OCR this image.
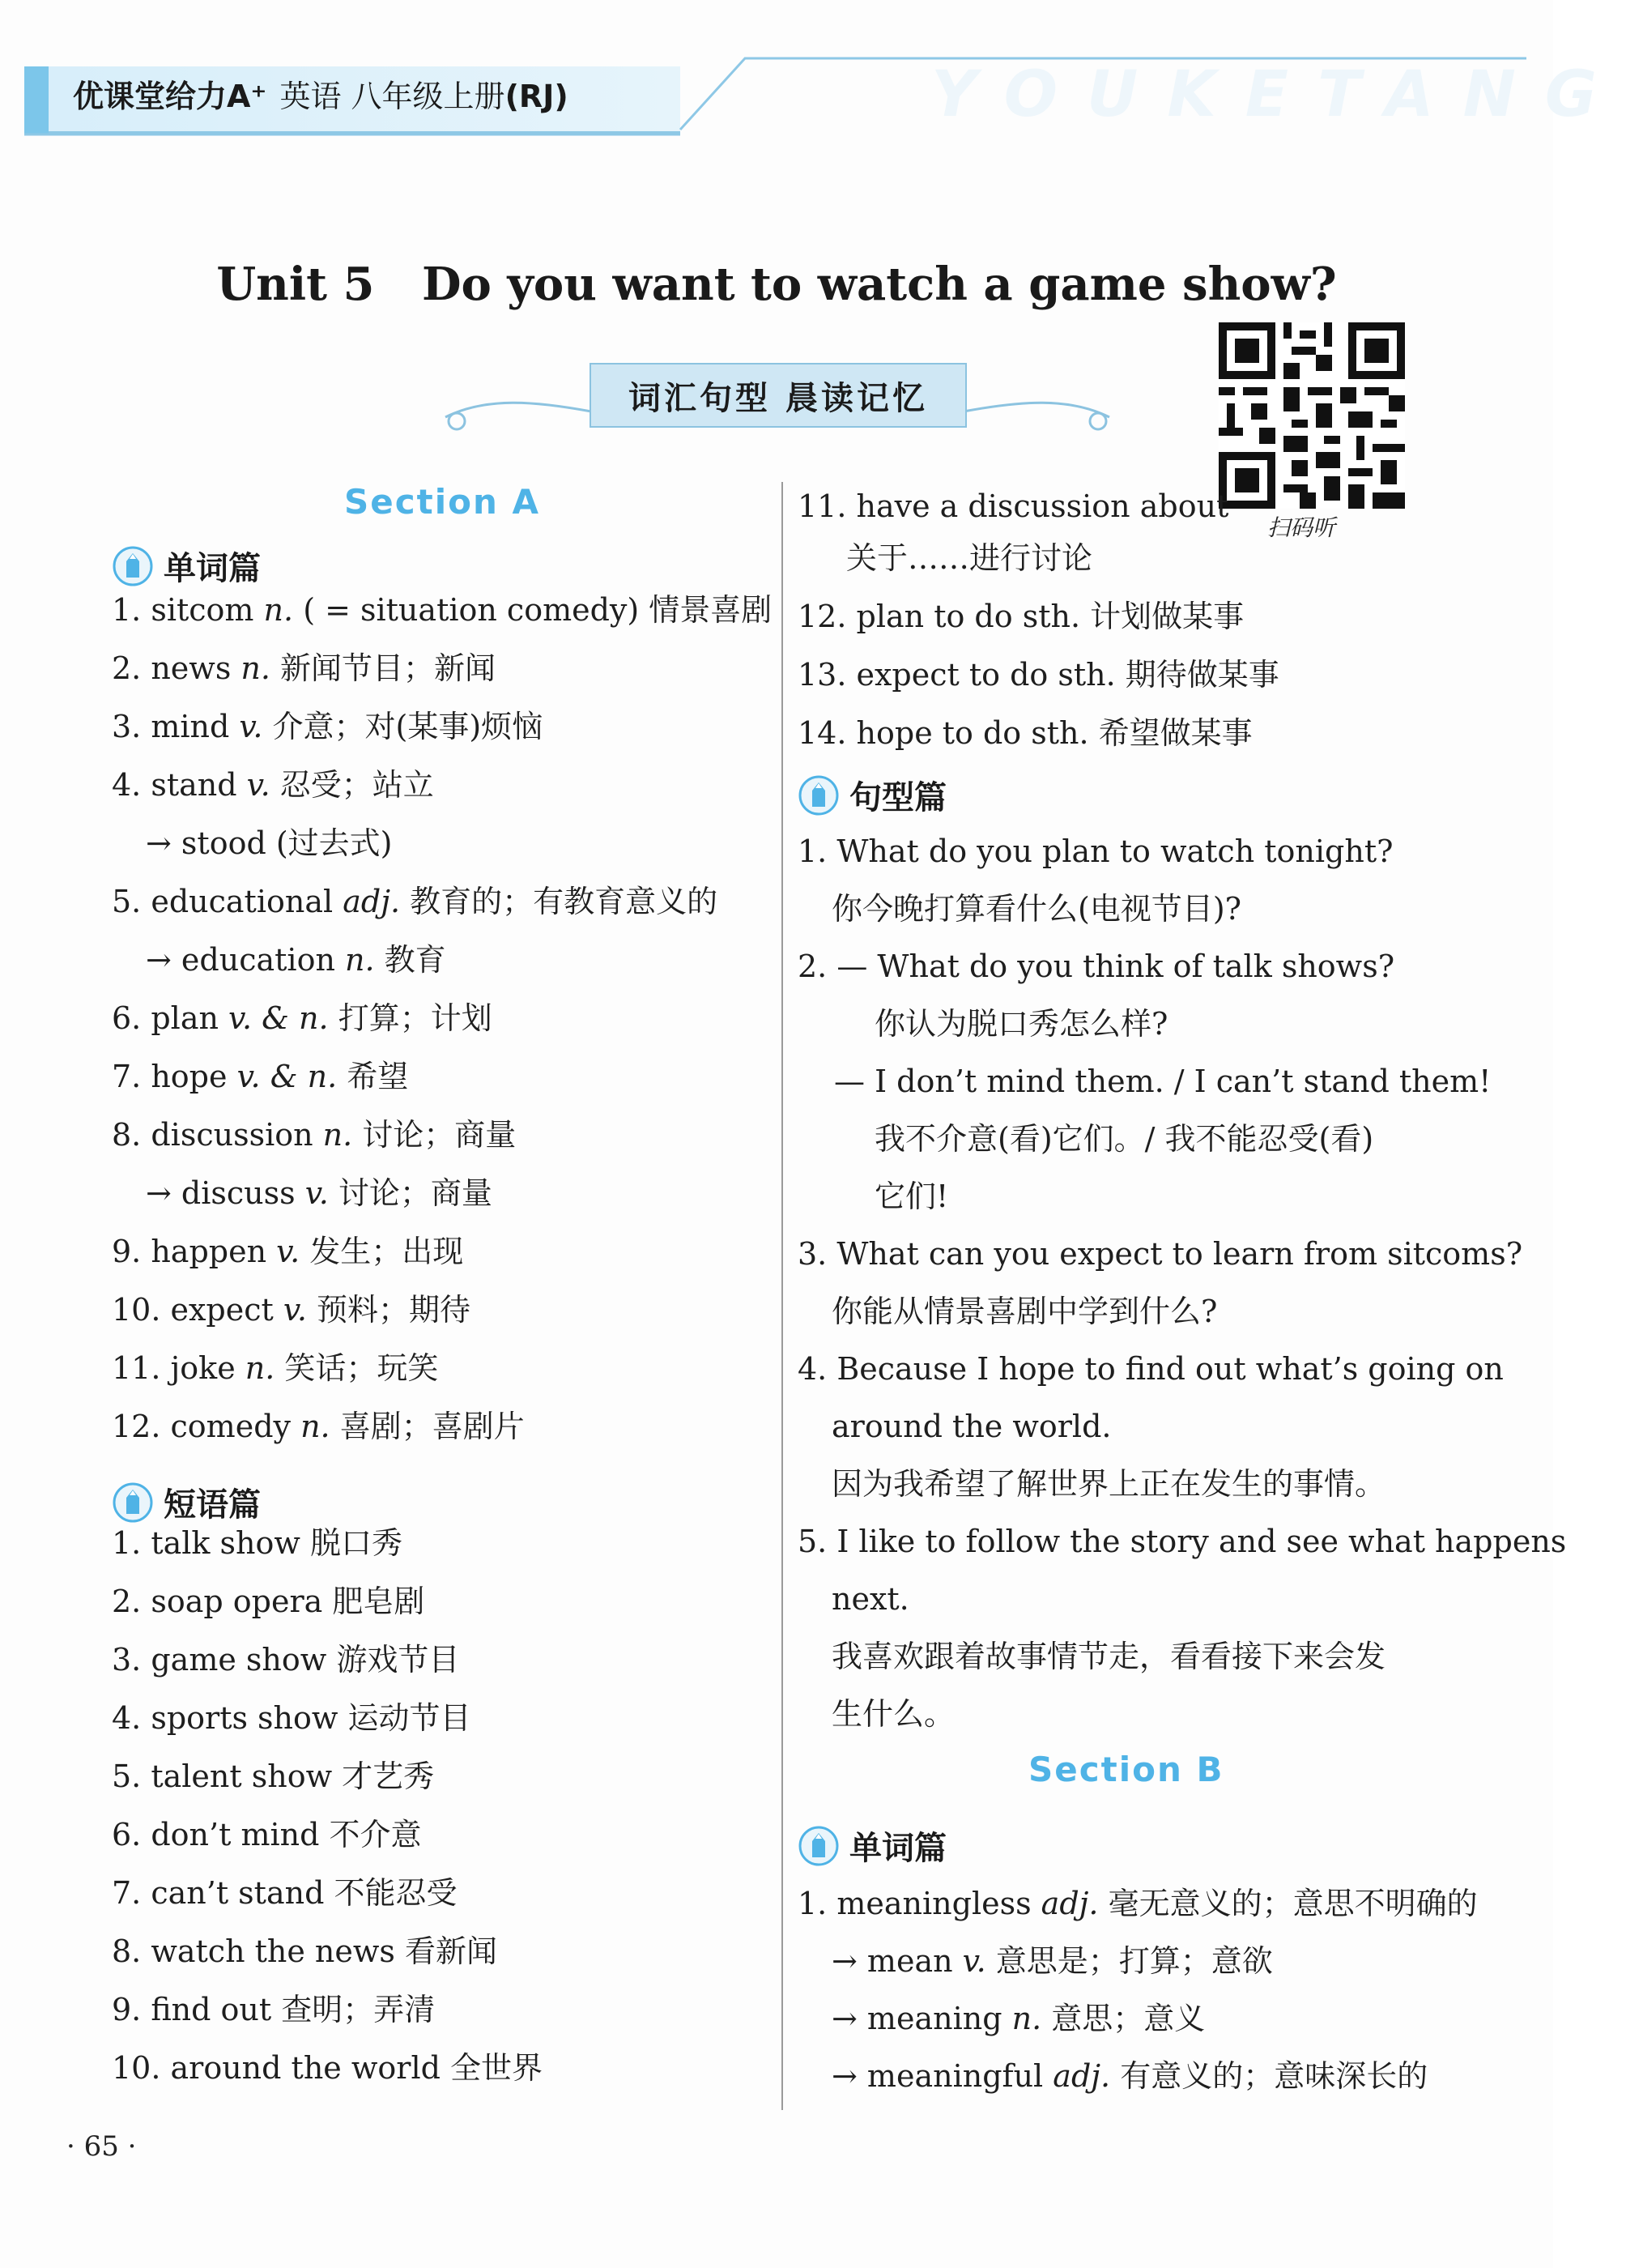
YOUKETANG
优课堂给力A⁺ 英语 八年级上册(RJ)
Unit 5   Do you want to watch a game show?
词汇句型 晨读记忆
扫码听
Section A
单词篇
1. sitcom n. ( = situation comedy) 情景喜剧
2. news n. 新闻节目；新闻
3. mind v. 介意；对(某事)烦恼
4. stand v. 忍受；站立
→ stood (过去式)
5. educational adj. 教育的；有教育意义的
→ education n. 教育
6. plan v. & n. 打算；计划
7. hope v. & n. 希望
8. discussion n. 讨论；商量
→ discuss v. 讨论；商量
9. happen v. 发生；出现
10. expect v. 预料；期待
11. joke n. 笑话；玩笑
12. comedy n. 喜剧；喜剧片
短语篇
1. talk show 脱口秀
2. soap opera 肥皂剧
3. game show 游戏节目
4. sports show 运动节目
5. talent show 才艺秀
6. don’t mind 不介意
7. can’t stand 不能忍受
8. watch the news 看新闻
9. find out 查明；弄清
10. around the world 全世界
11. have a discussion about
关于……进行讨论
12. plan to do sth. 计划做某事
13. expect to do sth. 期待做某事
14. hope to do sth. 希望做某事
句型篇
1. What do you plan to watch tonight?
你今晚打算看什么(电视节目)?
2. — What do you think of talk shows?
你认为脱口秀怎么样?
— I don’t mind them. / I can’t stand them!
我不介意(看)它们。/ 我不能忍受(看)
它们!
3. What can you expect to learn from sitcoms?
你能从情景喜剧中学到什么?
4. Because I hope to find out what’s going on
around the world.
因为我希望了解世界上正在发生的事情。
5. I like to follow the story and see what happens
next.
我喜欢跟着故事情节走，看看接下来会发
生什么。
Section B
单词篇
1. meaningless adj. 毫无意义的；意思不明确的
→ mean v. 意思是；打算；意欲
→ meaning n. 意思；意义
→ meaningful adj. 有意义的；意味深长的
· 65 ·
